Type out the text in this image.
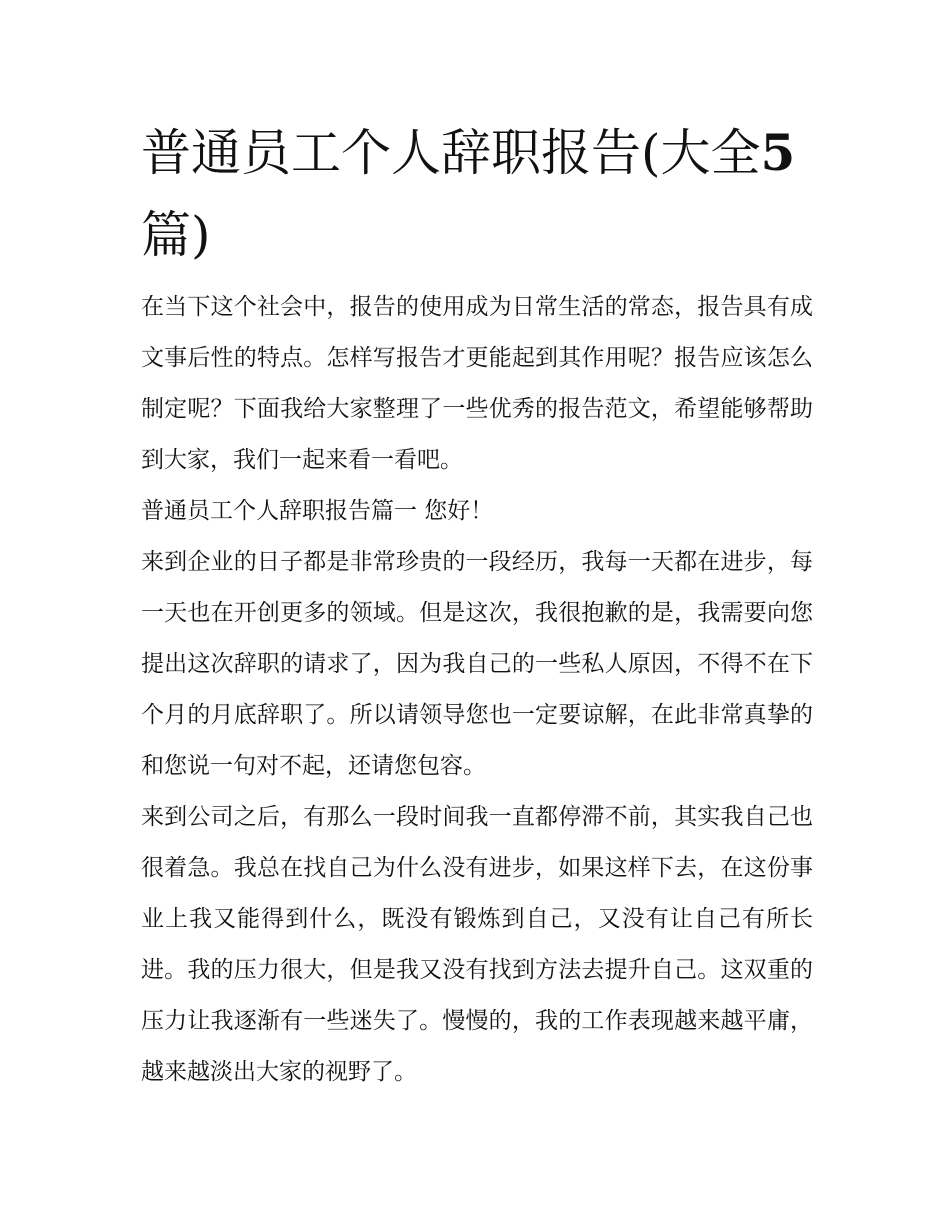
普通员工个人辞职报告(大全5篇)

在当下这个社会中，报告的使用成为日常生活的常态，报告具有成文事后性的特点。怎样写报告才更能起到其作用呢？报告应该怎么制定呢？下面我给大家整理了一些优秀的报告范文，希望能够帮助到大家，我们一起来看一看吧。

普通员工个人辞职报告篇一 您好！

来到企业的日子都是非常珍贵的一段经历，我每一天都在进步，每一天也在开创更多的领域。但是这次，我很抱歉的是，我需要向您提出这次辞职的请求了，因为我自己的一些私人原因，不得不在下个月的月底辞职了。所以请领导您也一定要谅解，在此非常真挚的和您说一句对不起，还请您包容。

来到公司之后，有那么一段时间我一直都停滞不前，其实我自己也很着急。我总在找自己为什么没有进步，如果这样下去，在这份事业上我又能得到什么，既没有锻炼到自己，又没有让自己有所长进。我的压力很大，但是我又没有找到方法去提升自己。这双重的压力让我逐渐有一些迷失了。慢慢的，我的工作表现越来越平庸，越来越淡出大家的视野了。
